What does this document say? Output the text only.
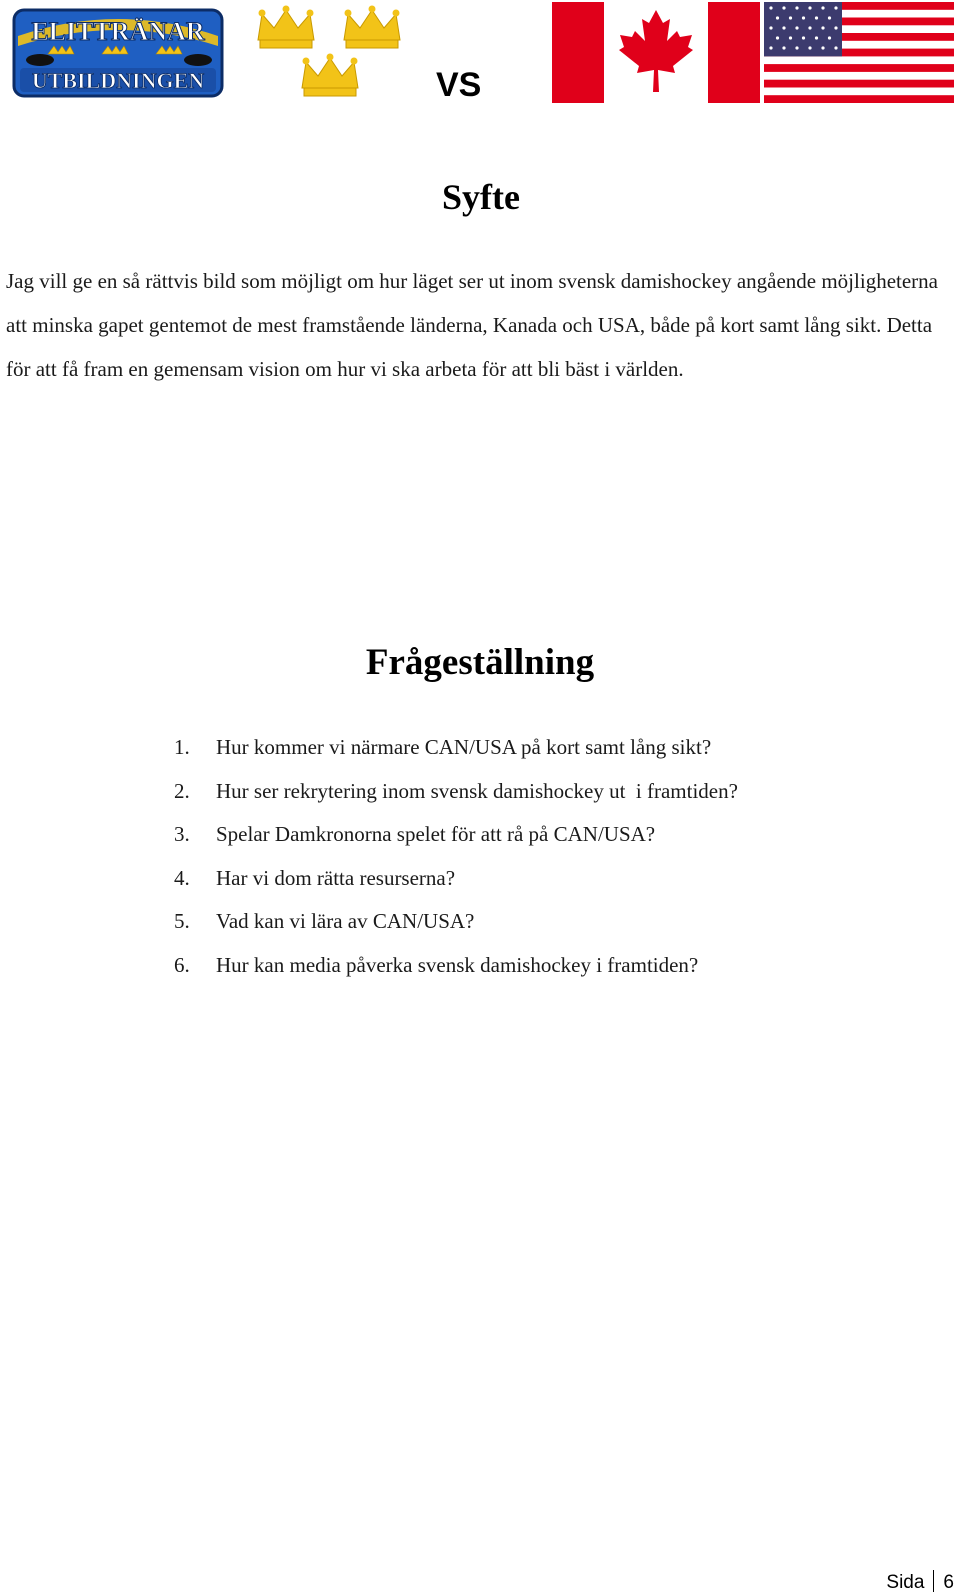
ELITTRÄNAR
UTBILDNINGEN	VS
Syfte

Jag vill ge en så rättvis bild som möjligt om hur läget ser ut inom svensk damishockey angående möjligheterna att minska gapet gentemot de mest framstående länderna, Kanada och USA, både på kort samt lång sikt. Detta för att få fram en gemensam vision om hur vi ska arbeta för att bli bäst i världen.

Frågeställning
1.	Hur kommer vi närmare CAN/USA på kort samt lång sikt?
2.	Hur ser rekrytering inom svensk damishockey ut  i framtiden?
3.	Spelar Damkronorna spelet för att rå på CAN/USA?
4.	Har vi dom rätta resurserna?
5.	Vad kan vi lära av CAN/USA?
6.	Hur kan media påverka svensk damishockey i framtiden?
Sida 6
